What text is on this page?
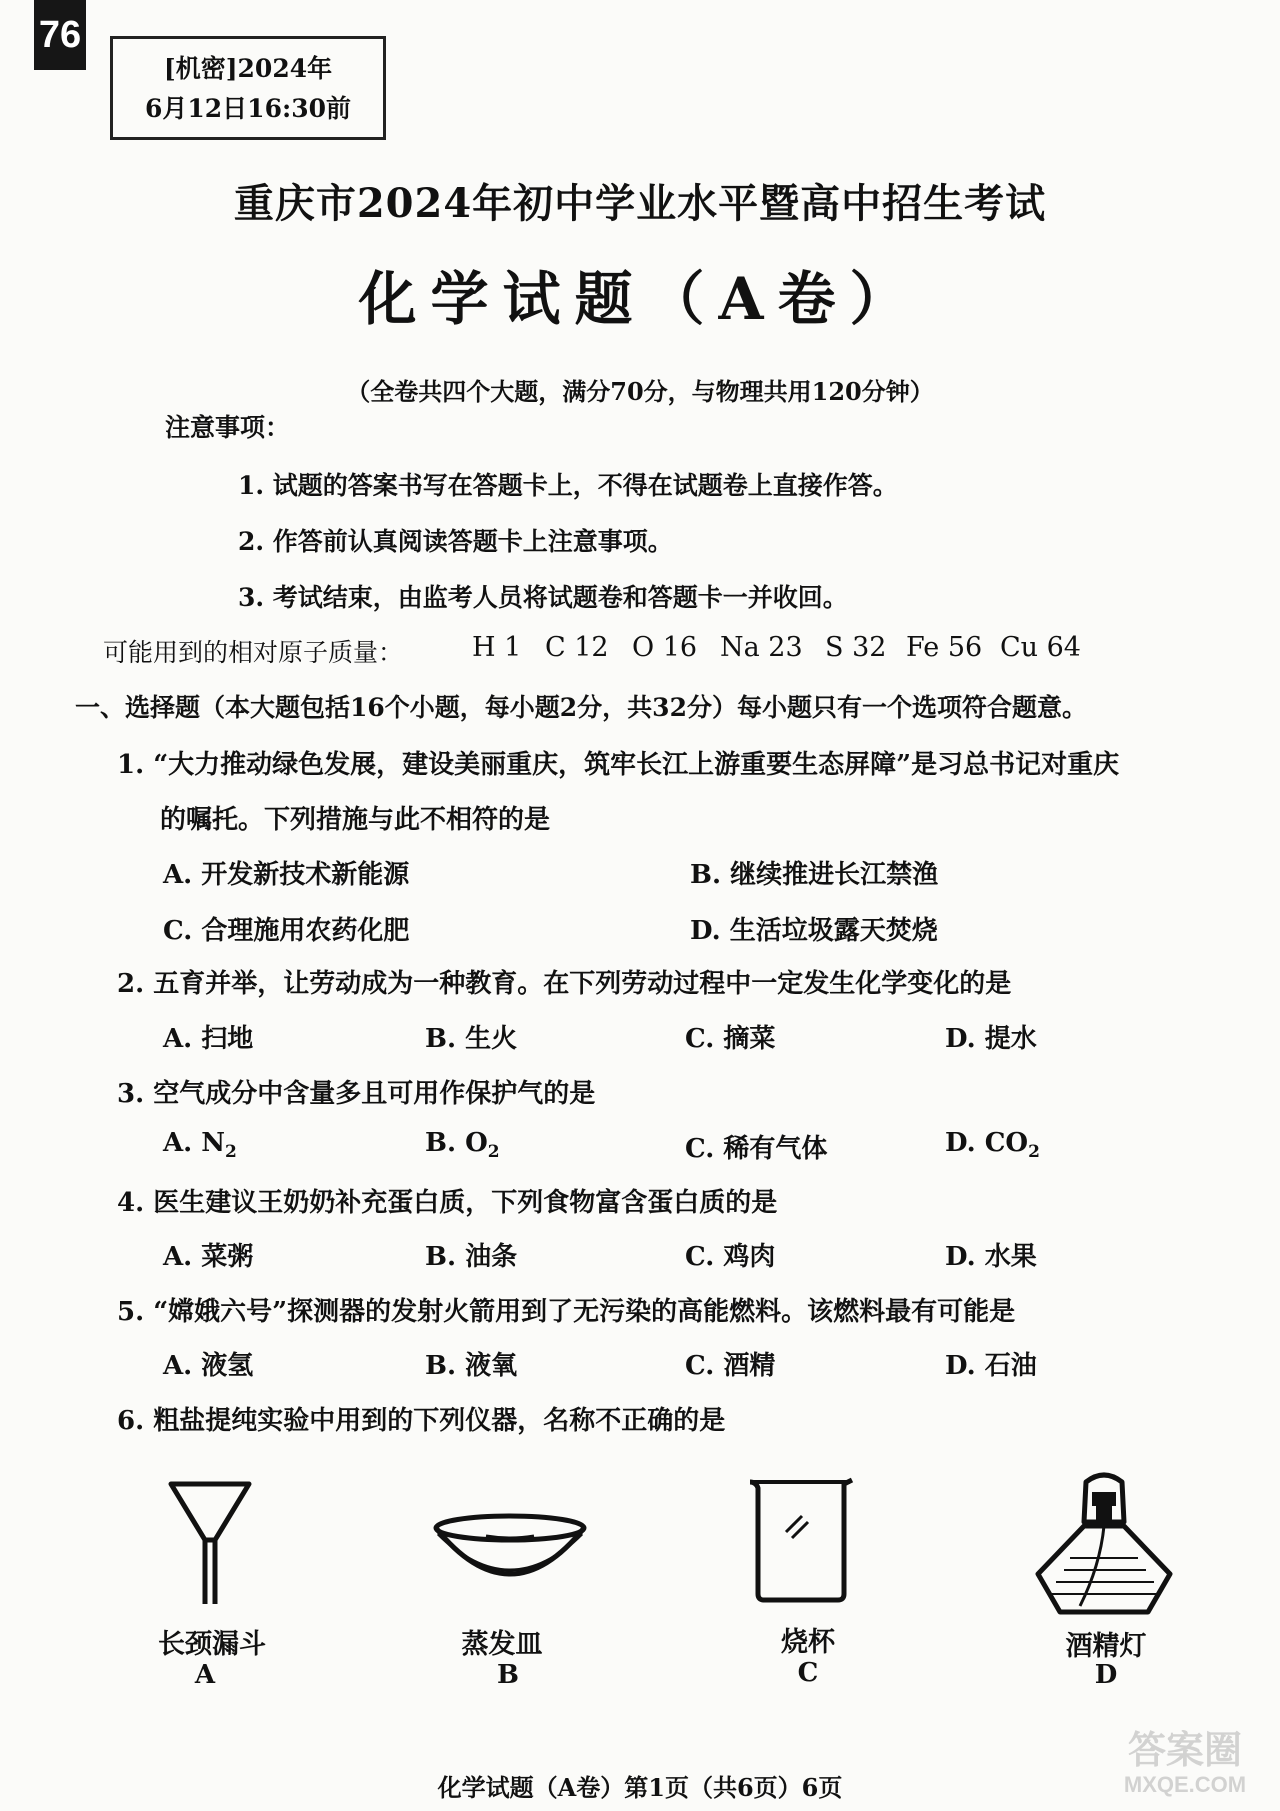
76
[机密]2024年
6月12日16:30前
重庆市2024年初中学业水平暨高中招生考试
化学试题（A卷）
（全卷共四个大题，满分70分，与物理共用120分钟）
注意事项：
1. 试题的答案书写在答题卡上，不得在试题卷上直接作答。
2. 作答前认真阅读答题卡上注意事项。
3. 考试结束，由监考人员将试题卷和答题卡一并收回。
可能用到的相对原子质量：	H 1 C 12 O 16 Na 23 S 32 Fe 56 Cu 64
一、选择题（本大题包括16个小题，每小题2分，共32分）每小题只有一个选项符合题意。
1. “大力推动绿色发展，建设美丽重庆，筑牢长江上游重要生态屏障”是习总书记对重庆
的嘱托。下列措施与此不相符的是
A. 开发新技术新能源	B. 继续推进长江禁渔
C. 合理施用农药化肥	D. 生活垃圾露天焚烧
2. 五育并举，让劳动成为一种教育。在下列劳动过程中一定发生化学变化的是
A. 扫地	B. 生火	C. 摘菜	D. 提水
3. 空气成分中含量多且可用作保护气的是
A. $N_2$	B. $O_2$	C. 稀有气体	D. $CO_2$
4. 医生建议王奶奶补充蛋白质，下列食物富含蛋白质的是
A. 菜粥	B. 油条	C. 鸡肉	D. 水果
5. “嫦娥六号”探测器的发射火箭用到了无污染的高能燃料。该燃料最有可能是
A. 液氢	B. 液氧	C. 酒精	D. 石油
6. 粗盐提纯实验中用到的下列仪器，名称不正确的是
长颈漏斗
A
蒸发皿
B
烧杯
C
酒精灯
D
化学试题（A卷）第1页（共6页）6页
答案圈
MXQE.COM
